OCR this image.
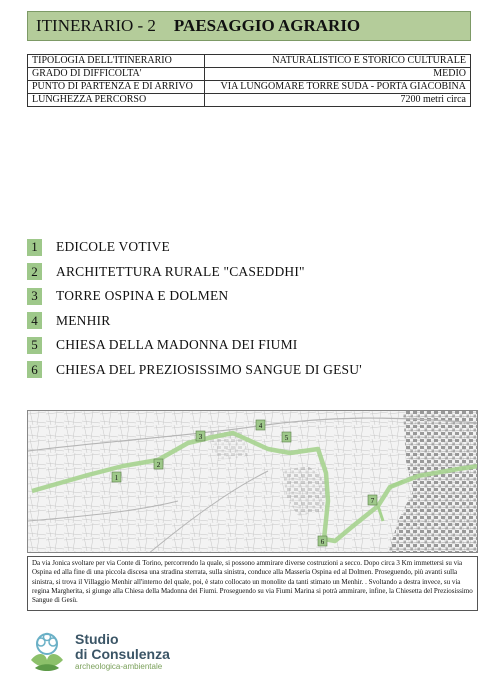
ITINERARIO - 2 PAESAGGIO AGRARIO
TIPOLOGIA DELL'ITINERARIO	NATURALISTICO E STORICO CULTURALE
GRADO DI DIFFICOLTA'	MEDIO
PUNTO DI PARTENZA E DI ARRIVO	VIA LUNGOMARE TORRE SUDA - PORTA GIACOBINA
LUNGHEZZA PERCORSO	7200 metri circa
1	EDICOLE VOTIVE
2	ARCHITETTURA RURALE "CASEDDHI"
3	TORRE OSPINA E DOLMEN
4	MENHIR
5	CHIESA DELLA MADONNA DEI FIUMI
6	CHIESA DEL PREZIOSISSIMO SANGUE DI GESU'
1
2
3
4
5
6
7
Da via Jonica svoltare per via Conte di Torino, percorrendo la quale, si possono ammirare diverse costruzioni a secco. Dopo circa 3 Km immettersi su via Ospina ed alla fine di una piccola discesa una stradina sterrata, sulla sinistra, conduce alla Masseria Ospina ed al Dolmen. Proseguendo, più avanti sulla sinistra, si trova il Villaggio Menhir all'interno del quale, poi, è stato collocato un monolite da tanti stimato un Menhir. . Svoltando a destra invece, su via regina Margherita, si giunge alla Chiesa della Madonna dei Fiumi. Proseguendo su via Fiumi Marina si potrà ammirare, infine, la Chiesetta del Preziosissimo Sangue di Gesù.
Studio
di Consulenza
archeologica-ambientale
